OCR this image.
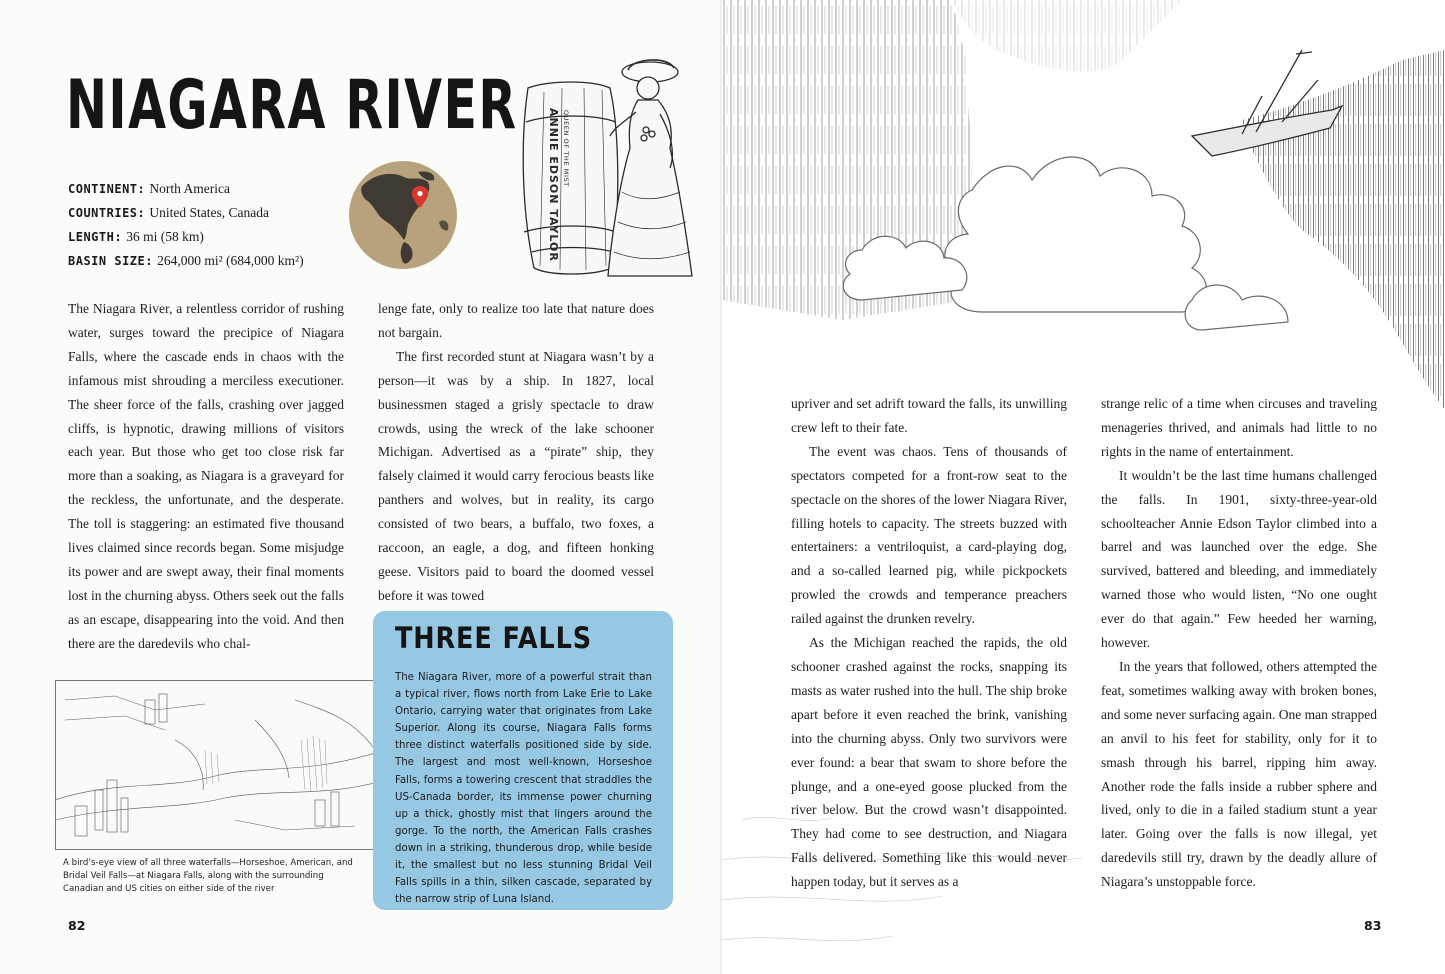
NIAGARA RIVER
CONTINENT: North America
COUNTRIES: United States, Canada
LENGTH: 36 mi (58 km)
BASIN SIZE: 264,000 mi² (684,000 km²)	ANNIE EDSON TAYLOR QUEEN OF THE MIST

The Niagara River, a relentless corridor of rushing water, surges toward the precipice of Niagara Falls, where the cascade ends in chaos with the infamous mist shrouding a merciless executioner. The sheer force of the falls, crashing over jagged cliffs, is hypnotic, drawing millions of visitors each year. But those who get too close risk far more than a soaking, as Niagara is a graveyard for the reckless, the unfortunate, and the desperate. The toll is staggering: an estimated five thousand lives claimed since records began. Some misjudge its power and are swept away, their final moments lost in the churning abyss. Others seek out the falls as an escape, disappearing into the void. And then there are the daredevils who chal-

lenge fate, only to realize too late that nature does not bargain.

The first recorded stunt at Niagara wasn’t by a person—it was by a ship. In 1827, local businessmen staged a grisly spectacle to draw crowds, using the wreck of the lake schooner Michigan. Advertised as a “pirate” ship, they falsely claimed it would carry ferocious beasts like panthers and wolves, but in reality, its cargo consisted of two bears, a buffalo, two foxes, a raccoon, an eagle, a dog, and fifteen honking geese. Visitors paid to board the doomed vessel before it was towed

A bird’s-eye view of all three waterfalls—Horseshoe, American, and Bridal Veil Falls—at Niagara Falls, along with the surrounding Canadian and US cities on either side of the river
THREE FALLS

The Niagara River, more of a powerful strait than a typical river, flows north from Lake Erie to Lake Ontario, carrying water that originates from Lake Superior. Along its course, Niagara Falls forms three distinct waterfalls positioned side by side. The largest and most well-known, Horseshoe Falls, forms a towering crescent that straddles the US-Canada border, its immense power churning up a thick, ghostly mist that lingers around the gorge. To the north, the American Falls crashes down in a striking, thunderous drop, while beside it, the smallest but no less stunning Bridal Veil Falls spills in a thin, silken cascade, separated by the narrow strip of Luna Island.

82

upriver and set adrift toward the falls, its unwilling crew left to their fate.

The event was chaos. Tens of thousands of spectators competed for a front-row seat to the spectacle on the shores of the lower Niagara River, filling hotels to capacity. The streets buzzed with entertainers: a ventriloquist, a card-playing dog, and a so-called learned pig, while pickpockets prowled the crowds and temperance preachers railed against the drunken revelry.

As the Michigan reached the rapids, the old schooner crashed against the rocks, snapping its masts as water rushed into the hull. The ship broke apart before it even reached the brink, vanishing into the churning abyss. Only two survivors were ever found: a bear that swam to shore before the plunge, and a one-eyed goose plucked from the river below. But the crowd wasn’t disappointed. They had come to see destruction, and Niagara Falls delivered. Something like this would never happen today, but it serves as a

strange relic of a time when circuses and traveling menageries thrived, and animals had little to no rights in the name of entertainment.

It wouldn’t be the last time humans challenged the falls. In 1901, sixty-three-year-old schoolteacher Annie Edson Taylor climbed into a barrel and was launched over the edge. She survived, battered and bleeding, and immediately warned those who would listen, “No one ought ever do that again.” Few heeded her warning, however.

In the years that followed, others attempted the feat, sometimes walking away with broken bones, and some never surfacing again. One man strapped an anvil to his feet for stability, only for it to smash through his barrel, ripping him away. Another rode the falls inside a rubber sphere and lived, only to die in a failed stadium stunt a year later. Going over the falls is now illegal, yet daredevils still try, drawn by the deadly allure of Niagara’s unstoppable force.

83
